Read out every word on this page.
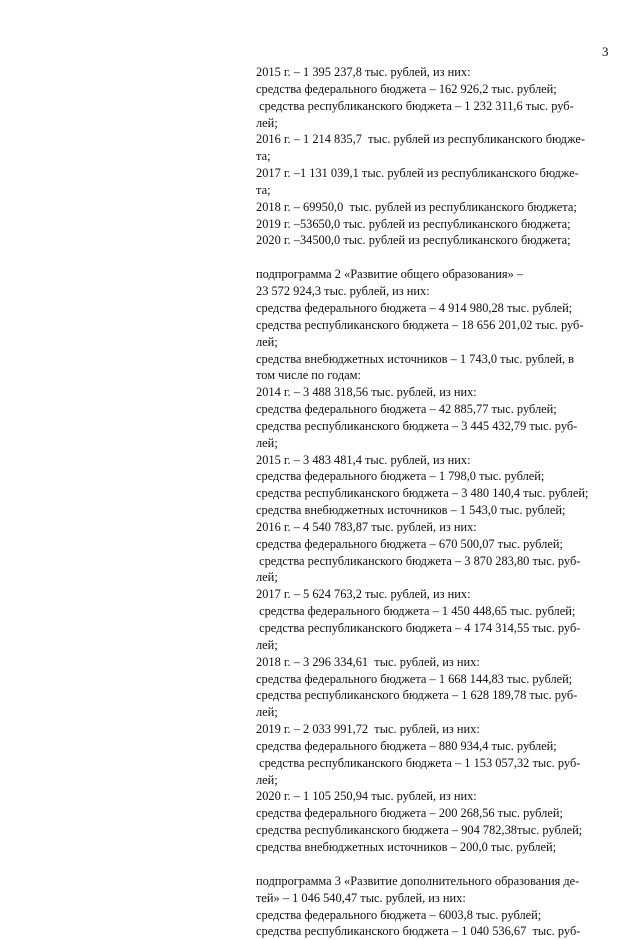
3
2015 г. – 1 395 237,8 тыс. рублей, из них:
средства федерального бюджета – 162 926,2 тыс. рублей;
средства республиканского бюджета – 1 232 311,6 тыс. руб-
лей;
2016 г. – 1 214 835,7  тыс. рублей из республиканского бюдже-
та;
2017 г. –1 131 039,1 тыс. рублей из республиканского бюдже-
та;
2018 г. – 69950,0  тыс. рублей из республиканского бюджета;
2019 г. –53650,0 тыс. рублей из республиканского бюджета;
2020 г. –34500,0 тыс. рублей из республиканского бюджета;
подпрограмма 2 «Развитие общего образования» –
23 572 924,3 тыс. рублей, из них:
средства федерального бюджета – 4 914 980,28 тыс. рублей;
средства республиканского бюджета – 18 656 201,02 тыс. руб-
лей;
средства внебюджетных источников – 1 743,0 тыс. рублей, в
том числе по годам:
2014 г. – 3 488 318,56 тыс. рублей, из них:
средства федерального бюджета – 42 885,77 тыс. рублей;
средства республиканского бюджета – 3 445 432,79 тыс. руб-
лей;
2015 г. – 3 483 481,4 тыс. рублей, из них:
средства федерального бюджета – 1 798,0 тыс. рублей;
средства республиканского бюджета – 3 480 140,4 тыс. рублей;
средства внебюджетных источников – 1 543,0 тыс. рублей;
2016 г. – 4 540 783,87 тыс. рублей, из них:
средства федерального бюджета – 670 500,07 тыс. рублей;
средства республиканского бюджета – 3 870 283,80 тыс. руб-
лей;
2017 г. – 5 624 763,2 тыс. рублей, из них:
средства федерального бюджета – 1 450 448,65 тыс. рублей;
средства республиканского бюджета – 4 174 314,55 тыс. руб-
лей;
2018 г. – 3 296 334,61  тыс. рублей, из них:
средства федерального бюджета – 1 668 144,83 тыс. рублей;
средства республиканского бюджета – 1 628 189,78 тыс. руб-
лей;
2019 г. – 2 033 991,72  тыс. рублей, из них:
средства федерального бюджета – 880 934,4 тыс. рублей;
средства республиканского бюджета – 1 153 057,32 тыс. руб-
лей;
2020 г. – 1 105 250,94 тыс. рублей, из них:
средства федерального бюджета – 200 268,56 тыс. рублей;
средства республиканского бюджета – 904 782,38тыс. рублей;
средства внебюджетных источников – 200,0 тыс. рублей;
подпрограмма 3 «Развитие дополнительного образования де-
тей» – 1 046 540,47 тыс. рублей, из них:
средства федерального бюджета – 6003,8 тыс. рублей;
средства республиканского бюджета – 1 040 536,67  тыс. руб-
